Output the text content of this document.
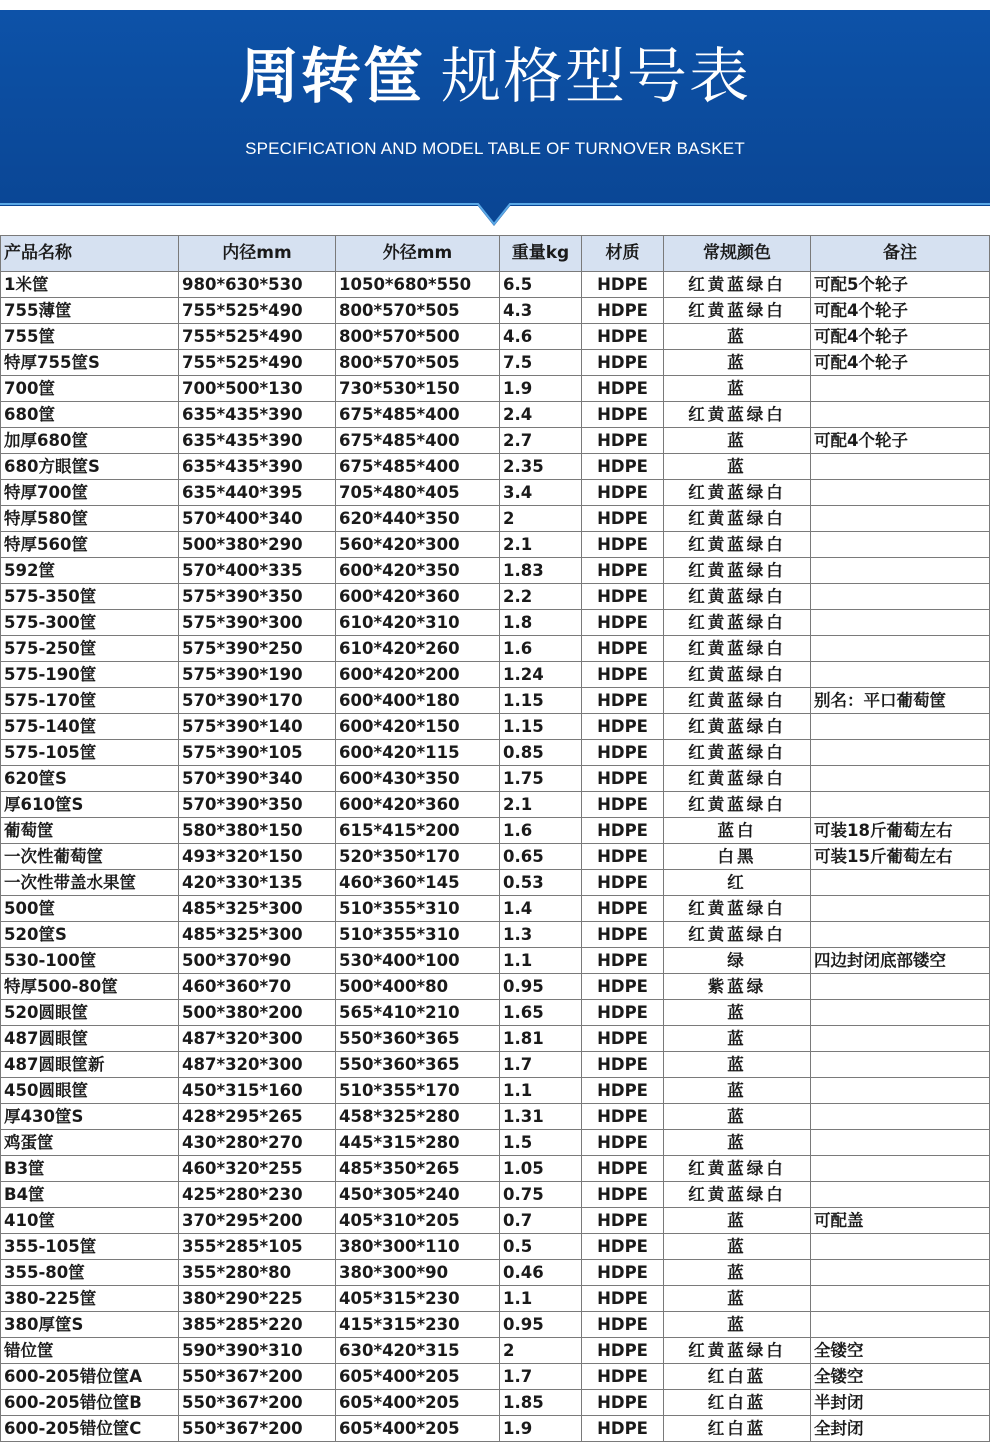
周转筐 规格型号表
SPECIFICATION AND MODEL TABLE OF TURNOVER BASKET
产品名称	内径mm	外径mm	重量kg	材质	常规颜色	备注
1米筐	980*630*530	1050*680*550	6.5	HDPE	红黄蓝绿白	可配5个轮子
755薄筐	755*525*490	800*570*505	4.3	HDPE	红黄蓝绿白	可配4个轮子
755筐	755*525*490	800*570*500	4.6	HDPE	蓝	可配4个轮子
特厚755筐S	755*525*490	800*570*505	7.5	HDPE	蓝	可配4个轮子
700筐	700*500*130	730*530*150	1.9	HDPE	蓝	
680筐	635*435*390	675*485*400	2.4	HDPE	红黄蓝绿白	
加厚680筐	635*435*390	675*485*400	2.7	HDPE	蓝	可配4个轮子
680方眼筐S	635*435*390	675*485*400	2.35	HDPE	蓝	
特厚700筐	635*440*395	705*480*405	3.4	HDPE	红黄蓝绿白	
特厚580筐	570*400*340	620*440*350	2	HDPE	红黄蓝绿白	
特厚560筐	500*380*290	560*420*300	2.1	HDPE	红黄蓝绿白	
592筐	570*400*335	600*420*350	1.83	HDPE	红黄蓝绿白	
575-350筐	575*390*350	600*420*360	2.2	HDPE	红黄蓝绿白	
575-300筐	575*390*300	610*420*310	1.8	HDPE	红黄蓝绿白	
575-250筐	575*390*250	610*420*260	1.6	HDPE	红黄蓝绿白	
575-190筐	575*390*190	600*420*200	1.24	HDPE	红黄蓝绿白	
575-170筐	570*390*170	600*400*180	1.15	HDPE	红黄蓝绿白	别名：平口葡萄筐
575-140筐	575*390*140	600*420*150	1.15	HDPE	红黄蓝绿白	
575-105筐	575*390*105	600*420*115	0.85	HDPE	红黄蓝绿白	
620筐S	570*390*340	600*430*350	1.75	HDPE	红黄蓝绿白	
厚610筐S	570*390*350	600*420*360	2.1	HDPE	红黄蓝绿白	
葡萄筐	580*380*150	615*415*200	1.6	HDPE	蓝白	可装18斤葡萄左右
一次性葡萄筐	493*320*150	520*350*170	0.65	HDPE	白黑	可装15斤葡萄左右
一次性带盖水果筐	420*330*135	460*360*145	0.53	HDPE	红	
500筐	485*325*300	510*355*310	1.4	HDPE	红黄蓝绿白	
520筐S	485*325*300	510*355*310	1.3	HDPE	红黄蓝绿白	
530-100筐	500*370*90	530*400*100	1.1	HDPE	绿	四边封闭底部镂空
特厚500-80筐	460*360*70	500*400*80	0.95	HDPE	紫蓝绿	
520圆眼筐	500*380*200	565*410*210	1.65	HDPE	蓝	
487圆眼筐	487*320*300	550*360*365	1.81	HDPE	蓝	
487圆眼筐新	487*320*300	550*360*365	1.7	HDPE	蓝	
450圆眼筐	450*315*160	510*355*170	1.1	HDPE	蓝	
厚430筐S	428*295*265	458*325*280	1.31	HDPE	蓝	
鸡蛋筐	430*280*270	445*315*280	1.5	HDPE	蓝	
B3筐	460*320*255	485*350*265	1.05	HDPE	红黄蓝绿白	
B4筐	425*280*230	450*305*240	0.75	HDPE	红黄蓝绿白	
410筐	370*295*200	405*310*205	0.7	HDPE	蓝	可配盖
355-105筐	355*285*105	380*300*110	0.5	HDPE	蓝	
355-80筐	355*280*80	380*300*90	0.46	HDPE	蓝	
380-225筐	380*290*225	405*315*230	1.1	HDPE	蓝	
380厚筐S	385*285*220	415*315*230	0.95	HDPE	蓝	
错位筐	590*390*310	630*420*315	2	HDPE	红黄蓝绿白	全镂空
600-205错位筐A	550*367*200	605*400*205	1.7	HDPE	红白蓝	全镂空
600-205错位筐B	550*367*200	605*400*205	1.85	HDPE	红白蓝	半封闭
600-205错位筐C	550*367*200	605*400*205	1.9	HDPE	红白蓝	全封闭
